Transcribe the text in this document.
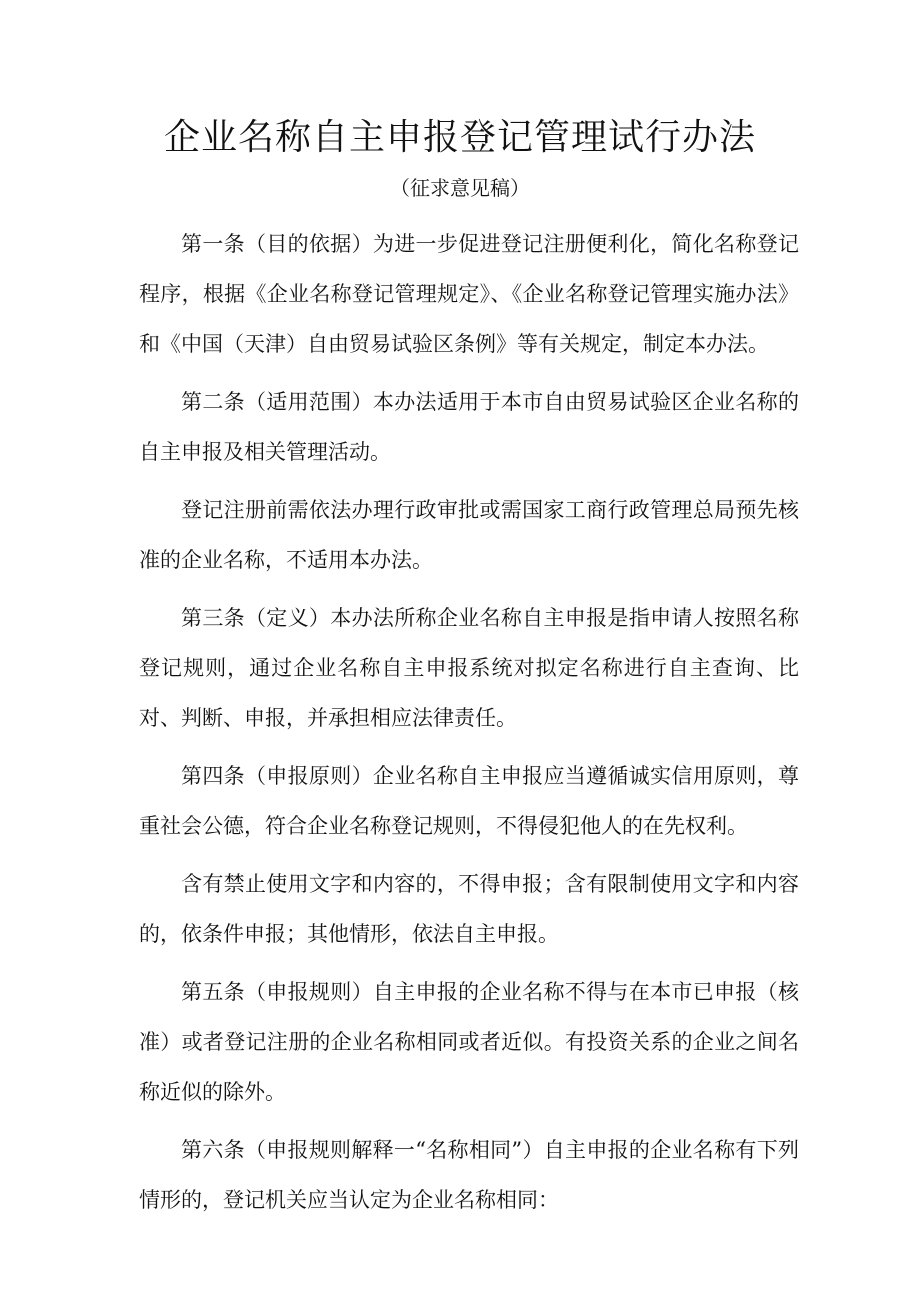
企业名称自主申报登记管理试行办法
（征求意见稿）

第一条（目的依据）为进一步促进登记注册便利化，简化名称登记程序，根据《企业名称登记管理规定》、《企业名称登记管理实施办法》和《中国（天津）自由贸易试验区条例》等有关规定，制定本办法。

第二条（适用范围）本办法适用于本市自由贸易试验区企业名称的自主申报及相关管理活动。

登记注册前需依法办理行政审批或需国家工商行政管理总局预先核准的企业名称，不适用本办法。

第三条（定义）本办法所称企业名称自主申报是指申请人按照名称登记规则，通过企业名称自主申报系统对拟定名称进行自主查询、比对、判断、申报，并承担相应法律责任。

第四条（申报原则）企业名称自主申报应当遵循诚实信用原则，尊重社会公德，符合企业名称登记规则，不得侵犯他人的在先权利。

含有禁止使用文字和内容的，不得申报；含有限制使用文字和内容的，依条件申报；其他情形，依法自主申报。

第五条（申报规则）自主申报的企业名称不得与在本市已申报（核准）或者登记注册的企业名称相同或者近似。有投资关系的企业之间名称近似的除外。

第六条（申报规则解释一“名称相同”）自主申报的企业名称有下列情形的，登记机关应当认定为企业名称相同：
